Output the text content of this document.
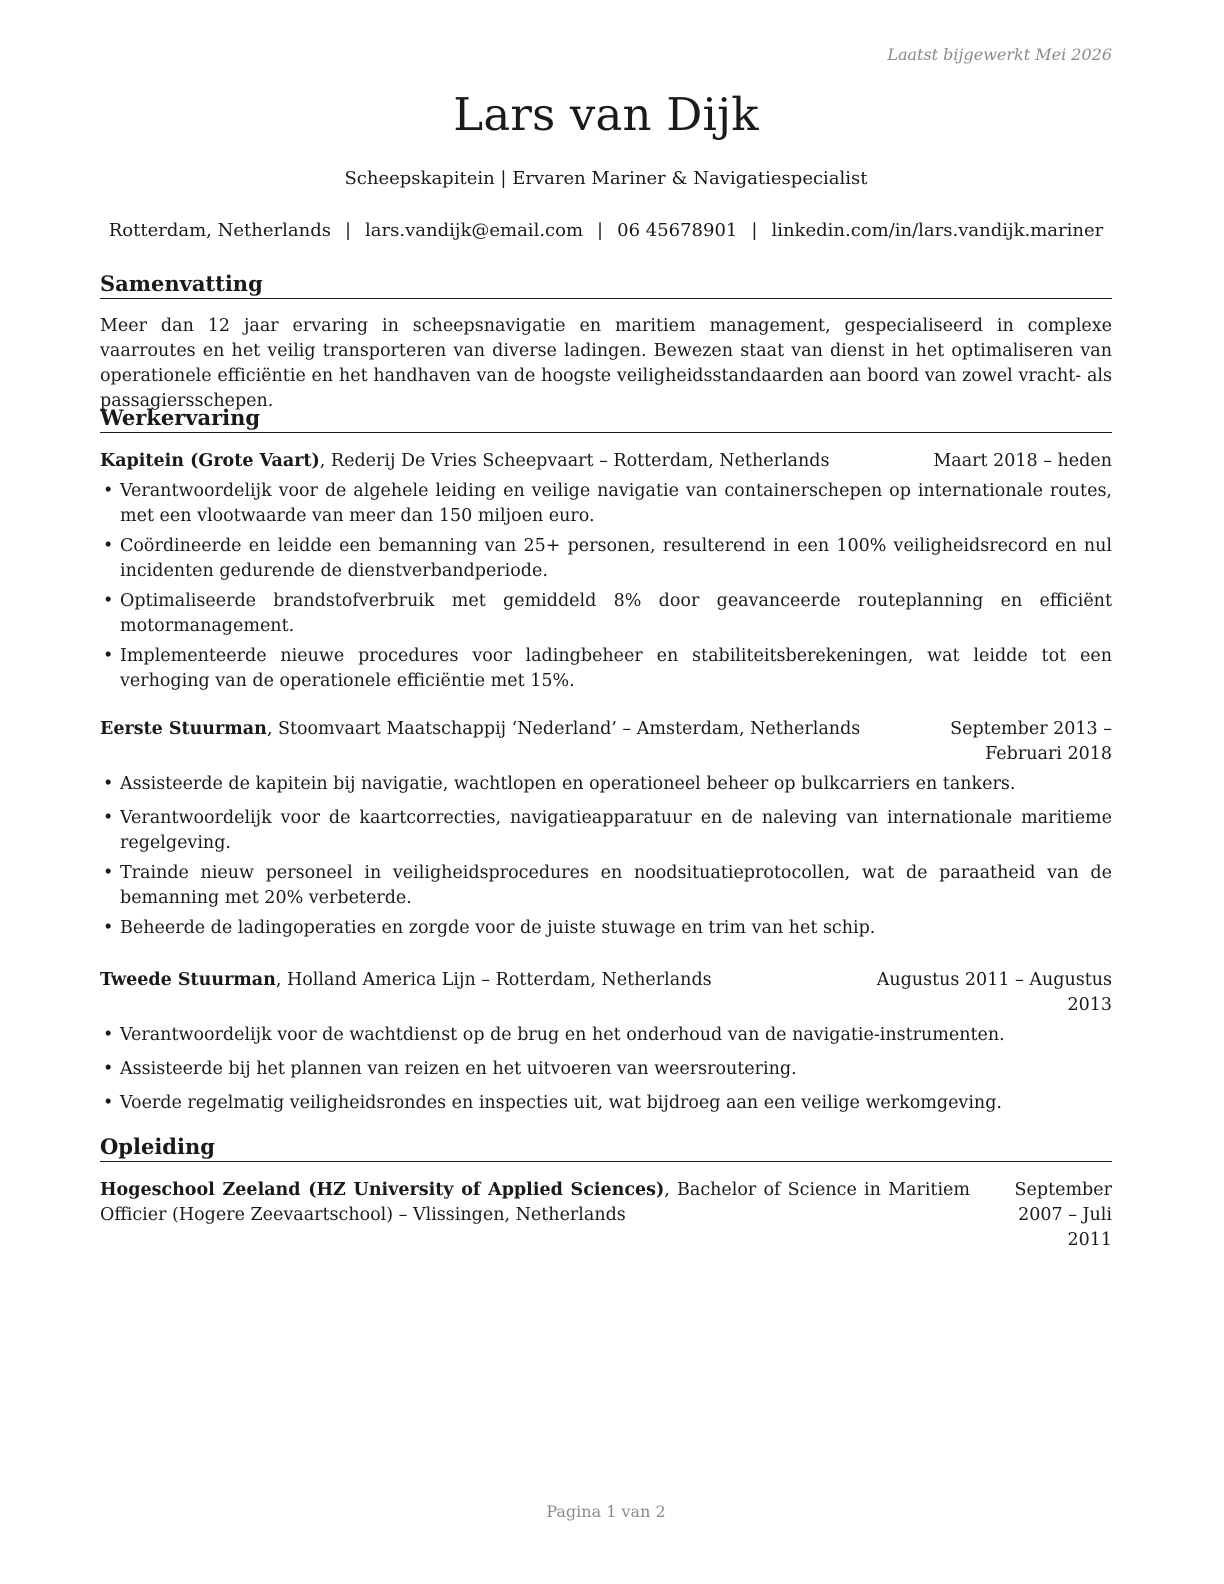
Laatst bijgewerkt Mei 2026
Lars van Dijk
Scheepskapitein | Ervaren Mariner & Navigatiespecialist
Rotterdam, Netherlands | lars.vandijk@email.com | 06 45678901 | linkedin.com/in/lars.vandijk.mariner
Samenvatting
Meer dan 12 jaar ervaring in scheepsnavigatie en maritiem management, gespecialiseerd in complexe vaarroutes en het veilig transporteren van diverse ladingen. Bewezen staat van dienst in het optimaliseren van operationele efficiëntie en het handhaven van de hoogste veiligheidsstandaarden aan boord van zowel vracht- als passagiersschepen.
Werkervaring
Kapitein (Grote Vaart), Rederij De Vries Scheepvaart – Rotterdam, Netherlands	Maart 2018 – heden
• Verantwoordelijk voor de algehele leiding en veilige navigatie van containerschepen op internationale routes, met een vlootwaarde van meer dan 150 miljoen euro.
• Coördineerde en leidde een bemanning van 25+ personen, resulterend in een 100% veiligheidsrecord en nul incidenten gedurende de dienstverbandperiode.
• Optimaliseerde brandstofverbruik met gemiddeld 8% door geavanceerde routeplanning en efficiënt motormanagement.
• Implementeerde nieuwe procedures voor ladingbeheer en stabiliteitsberekeningen, wat leidde tot een verhoging van de operationele efficiëntie met 15%.
Eerste Stuurman, Stoomvaart Maatschappij ‘Nederland’ – Amsterdam, Netherlands	September 2013 – Februari 2018
• Assisteerde de kapitein bij navigatie, wachtlopen en operationeel beheer op bulkcarriers en tankers.
• Verantwoordelijk voor de kaartcorrecties, navigatieapparatuur en de naleving van internationale maritieme regelgeving.
• Trainde nieuw personeel in veiligheidsprocedures en noodsituatieprotocollen, wat de paraatheid van de bemanning met 20% verbeterde.
• Beheerde de ladingoperaties en zorgde voor de juiste stuwage en trim van het schip.
Tweede Stuurman, Holland America Lijn – Rotterdam, Netherlands	Augustus 2011 – Augustus 2013
• Verantwoordelijk voor de wachtdienst op de brug en het onderhoud van de navigatie-instrumenten.
• Assisteerde bij het plannen van reizen en het uitvoeren van weersroutering.
• Voerde regelmatig veiligheidsrondes en inspecties uit, wat bijdroeg aan een veilige werkomgeving.
Opleiding
Hogeschool Zeeland (HZ University of Applied Sciences), Bachelor of Science in Maritiem Officier (Hogere Zeevaartschool) – Vlissingen, Netherlands
September 2007 – Juli 2011
Pagina 1 van 2
